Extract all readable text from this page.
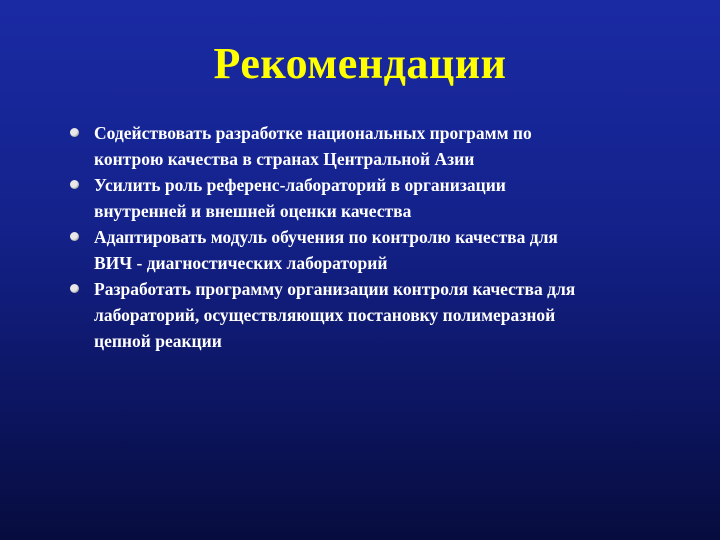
Рекомендации
Содействовать разработке национальных программ по
контрою качества в странах Центральной Азии
Усилить роль референс-лабораторий в организации
внутренней и внешней оценки качества
Адаптировать модуль обучения по контролю качества для
ВИЧ - диагностических лабораторий
Разработать программу организации контроля качества для
лабораторий, осуществляющих постановку полимеразной
цепной реакции
